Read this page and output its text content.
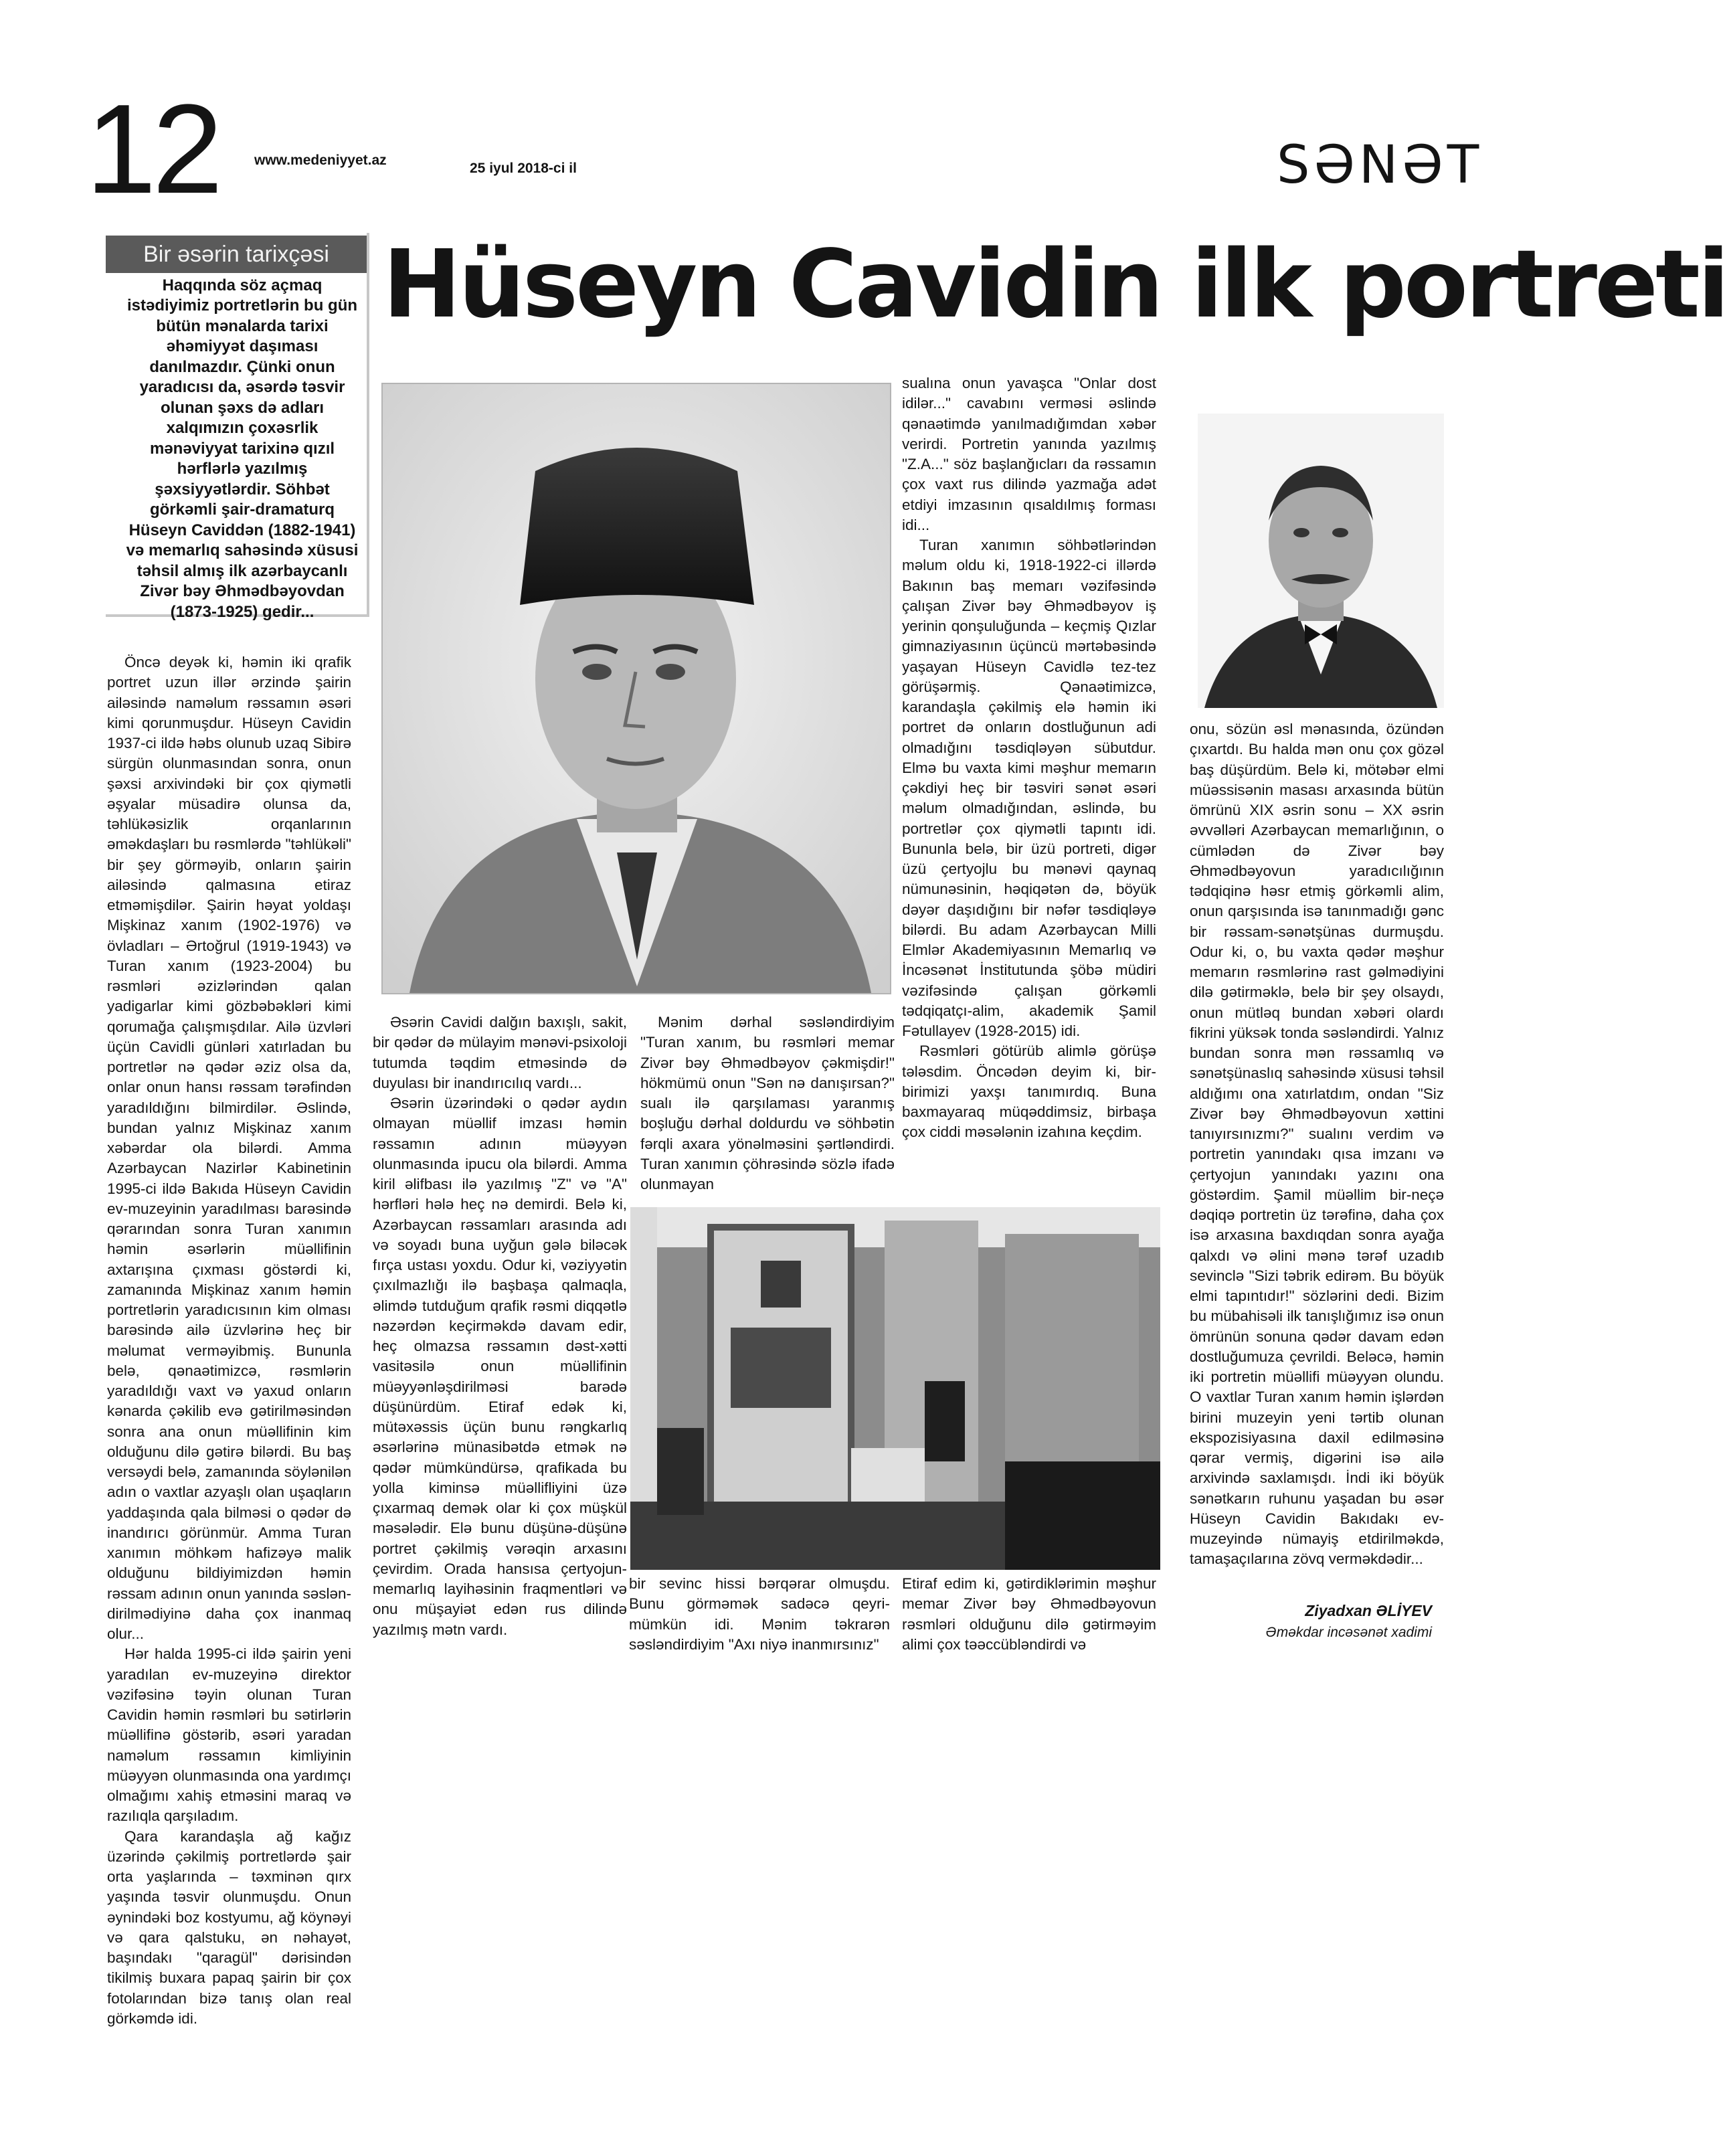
12	www.medeniyyet.az
25 iyul 2018-ci il	SƏNƏT
Bir əsərin tarixçəsi
Haqqında söz açmaq istədiyimiz portretlərin bu gün bütün mənalarda tarixi əhəmiyyət daşıması danılmazdır. Çünki onun yaradıcısı da, əsərdə təsvir olunan şəxs də adları xalqımızın çoxəsrlik mənəviyyat tarixinə qızıl hərflərlə yazılmış şəxsiyyətlərdir. Söhbət görkəmli şair-dramaturq Hüseyn Caviddən (1882-1941) və memarlıq sahəsində xüsusi təhsil almış ilk azərbaycanlı Zivər bəy Əhmədbəyovdan (1873-1925) gedir...
Hüseyn Cavidin ilk portreti

Öncə deyək ki, həmin iki qrafik portret uzun illər ərzində şairin ailəsində naməlum rəssamın əsəri kimi qorunmuşdur. Hüseyn Cavidin 1937-ci ildə həbs olunub uzaq Sibirə sürgün olunmasından sonra, onun şəxsi arxivindəki bir çox qiymətli əşyalar müsadirə olunsa da, təhlükəsizlik orqanlarının əməkdaşları bu rəsmlərdə "təhlükəli" bir şey görməyib, onların şairin ailəsində qalmasına etiraz etməmişdilər. Şairin həyat yoldaşı Mişkinaz xanım (1902-1976) və övladları – Ərtoğrul (1919-1943) və Turan xanım (1923-2004) bu rəsmləri əzizlərindən qalan yadigarlar kimi gözbəbəkləri kimi qorumağa çalışmışdılar. Ailə üzvləri üçün Cavidli günləri xatırladan bu portretlər nə qədər əziz olsa da, onlar onun hansı rəssam tərəfindən yaradıldığını bilmirdilər. Əslində, bundan yalnız Mişkinaz xanım xəbərdar ola bilərdi. Amma Azərbaycan Nazirlər Kabinetinin 1995-ci ildə Bakıda Hüseyn Cavidin ev-muzeyinin yaradılması barəsində qərarından sonra Turan xanımın həmin əsərlərin müəllifinin axtarışına çıxması göstərdi ki, zamanında Mişkinaz xanım həmin portretlərin yaradıcısının kim olması barəsində ailə üzvlərinə heç bir məlumat verməyibmiş. Bununla belə, qənaətimizcə, rəsmlərin yaradıldığı vaxt və yaxud onların kənarda çəkilib evə gətirilməsindən sonra ana onun müəllifinin kim olduğunu dilə gətirə bilərdi. Bu baş versəydi belə, zamanında söylənilən adın o vaxtlar azyaşlı olan uşaqların yaddaşında qala bilməsi o qədər də inandırıcı görünmür. Amma Turan xanımın möhkəm hafizəyə malik olduğunu bildiyimizdən həmin rəssam adının onun yanında səsləndirilmədiyinə daha çox inanmaq olur...

Hər halda 1995-ci ildə şairin yeni yaradılan ev-muzeyinə direktor vəzifəsinə təyin olunan Turan Cavidin həmin rəsmləri bu sətirlərin müəllifinə göstərib, əsəri yaradan naməlum rəssamın kimliyinin müəyyən olunmasında ona yardımçı olmağımı xahiş etməsini maraq və razılıqla qarşıladım.

Qara karandaşla ağ kağız üzərində çəkilmiş portretlərdə şair orta yaşlarında – təxminən qırx yaşında təsvir olunmuşdu. Onun əynindəki boz kostyumu, ağ köynəyi və qara qalstuku, ən nəhayət, başındakı "qaragül" dərisindən tikilmiş buxara papaq şairin bir çox fotolarından bizə tanış olan real görkəmdə idi.

Əsərin Cavidi dalğın baxışlı, sakit, bir qədər də mülayim mənəvi-psixoloji tutumda təqdim etməsində də duyulası bir inandırıcılıq vardı...

Əsərin üzərindəki o qədər aydın olmayan müəllif imzası həmin rəssamın adının müəyyən olunmasında ipucu ola bilərdi. Amma kiril əlifbası ilə yazılmış "Z" və "A" hərfləri hələ heç nə demirdi. Belə ki, Azərbaycan rəssamları arasında adı və soyadı buna uyğun gələ biləcək fırça ustası yoxdu. Odur ki, vəziyyətin çıxılmazlığı ilə başbaşa qalmaqla, əlimdə tutduğum qrafik rəsmi diqqətlə nəzərdən keçirməkdə davam edir, heç olmazsa rəssamın dəst-xətti vasitəsilə onun müəllifinin müəyyənləşdirilməsi barədə düşünürdüm. Etiraf edək ki, mütəxəssis üçün bunu rəngkarlıq əsərlərinə münasibətdə etmək nə qədər mümkündürsə, qrafikada bu yolla kiminsə müəllifliyini üzə çıxarmaq demək olar ki çox müşkül məsələdir. Elə bunu düşünə-düşünə portret çəkilmiş vərəqin arxasını çevirdim. Orada hansısa çertyojun-memarlıq layihəsinin fraqmentləri və onu müşayiət edən rus dilində yazılmış mətn vardı.

Mənim dərhal səsləndirdiyim "Turan xanım, bu rəsmləri memar Zivər bəy Əhmədbəyov çəkmişdir!" hökmümü onun "Sən nə danışırsan?" sualı ilə qarşılaması yaranmış boşluğu dərhal doldurdu və söhbətin fərqli axara yönəlməsini şərtləndirdi. Turan xanımın çöhrəsində sözlə ifadə olunmayan

bir sevinc hissi bərqərar olmuşdu. Bunu görməmək sadəcə qeyri-mümkün idi. Mənim təkrarən səsləndirdiyim "Axı niyə inanmırsınız"

sualına onun yavaşca "Onlar dost idilər..." cavabını verməsi əslində qənaətimdə yanılmadığımdan xəbər verirdi. Portretin yanında yazılmış "Z.A..." söz başlanğıcları da rəssamın çox vaxt rus dilində yazmağa adət etdiyi imzasının qısaldılmış forması idi...

Turan xanımın söhbətlərindən məlum oldu ki, 1918-1922-ci illərdə Bakının baş memarı vəzifəsində çalışan Zivər bəy Əhmədbəyov iş yerinin qonşuluğunda – keçmiş Qızlar gimnaziyasının üçüncü mərtəbəsində yaşayan Hüseyn Cavidlə tez-tez görüşərmiş. Qənaətimizcə, karandaşla çəkilmiş elə həmin iki portret də onların dostluğunun adi olmadığını təsdiqləyən sübutdur. Elmə bu vaxta kimi məşhur memarın çəkdiyi heç bir təsviri sənət əsəri məlum olmadığından, əslində, bu portretlər çox qiymətli tapıntı idi. Bununla belə, bir üzü portreti, digər üzü çertyojlu bu mənəvi qaynaq nümunəsinin, həqiqətən də, böyük dəyər daşıdığını bir nəfər təsdiqləyə bilərdi. Bu adam Azərbaycan Milli Elmlər Akademiyasının Memarlıq və İncəsənət İnstitutunda şöbə müdiri vəzifəsində çalışan görkəmli tədqiqatçı-alim, akademik Şamil Fətullayev (1928-2015) idi.

Rəsmləri götürüb alimlə görüşə tələsdim. Öncədən deyim ki, bir-birimizi yaxşı tanımırdıq. Buna baxmayaraq müqəddimsiz, birbaşa çox ciddi məsələnin izahına keçdim.

Etiraf edim ki, gətirdiklərimin məşhur memar Zivər bəy Əhmədbəyovun rəsmləri olduğunu dilə gətirməyim alimi çox təəccübləndirdi və

onu, sözün əsl mənasında, özündən çıxartdı. Bu halda mən onu çox gözəl baş düşürdüm. Belə ki, mötəbər elmi müəssisənin masası arxasında bütün ömrünü XIX əsrin sonu – XX əsrin əvvəlləri Azərbaycan memarlığının, o cümlədən də Zivər bəy Əhmədbəyovun yaradıcılığının tədqiqinə həsr etmiş görkəmli alim, onun qarşısında isə tanınmadığı gənc bir rəssam-sənətşünas durmuşdu. Odur ki, o, bu vaxta qədər məşhur memarın rəsmlərinə rast gəlmədiyini dilə gətirməklə, belə bir şey olsaydı, onun mütləq bundan xəbəri olardı fikrini yüksək tonda səsləndirdi. Yalnız bundan sonra mən rəssamlıq və sənətşünaslıq sahəsində xüsusi təhsil aldığımı ona xatırlatdım, ondan "Siz Zivər bəy Əhmədbəyovun xəttini tanıyırsınızmı?" sualını verdim və portretin yanındakı qısa imzanı və çertyojun yanındakı yazını ona göstərdim. Şamil müəllim bir-neçə dəqiqə portretin üz tərəfinə, daha çox isə arxasına baxdıqdan sonra ayağa qalxdı və əlini mənə tərəf uzadıb sevinclə "Sizi təbrik edirəm. Bu böyük elmi tapıntıdır!" sözlərini dedi. Bizim bu mübahisəli ilk tanışlığımız isə onun ömrünün sonuna qədər davam edən dostluğumuza çevrildi. Beləcə, həmin iki portretin müəllifi müəyyən olundu. O vaxtlar Turan xanım həmin işlərdən birini muzeyin yeni tərtib olunan ekspozisiyasına daxil edilməsinə qərar vermiş, digərini isə ailə arxivində saxlamışdı. İndi iki böyük sənətkarın ruhunu yaşadan bu əsər Hüseyn Cavidin Bakıdakı ev-muzeyində nümayiş etdirilməkdə, tamaşaçılarına zövq verməkdədir...

Ziyadxan ƏLİYEV
Əməkdar incəsənət xadimi
